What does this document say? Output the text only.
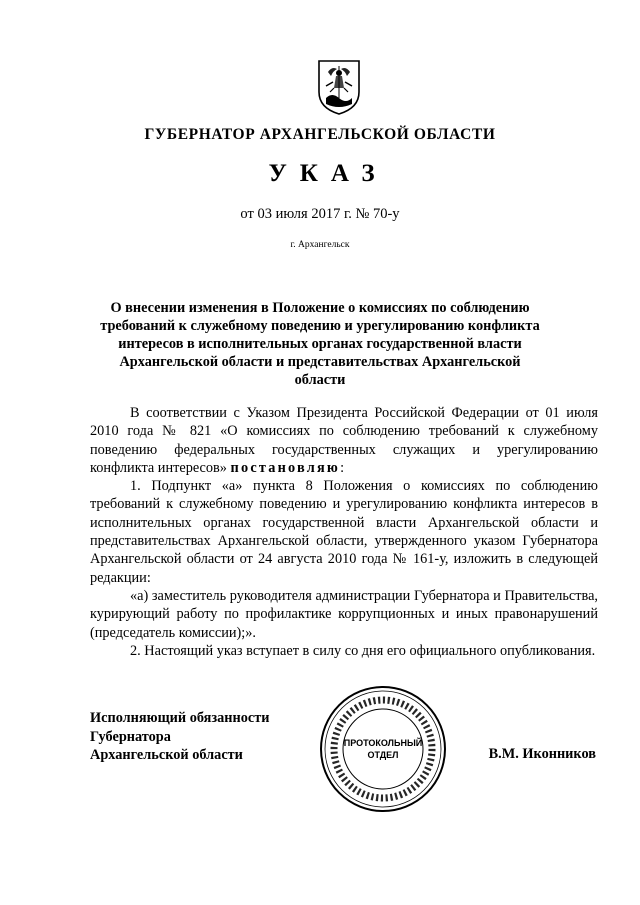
ГУБЕРНАТОР АРХАНГЕЛЬСКОЙ ОБЛАСТИ
УКАЗ
от 03 июля 2017 г. № 70-у
г. Архангельск
О внесении изменения в Положение о комиссиях по соблюдению
требований к служебному поведению и урегулированию конфликта
интересов в исполнительных органах государственной власти
Архангельской области и представительствах Архангельской области

В соответствии с Указом Президента Российской Федерации от 01 июля 2010 года № 821 «О комиссиях по соблюдению требований к служебному поведению федеральных государственных служащих и урегулированию конфликта интересов» постановляю:

1. Подпункт «а» пункта 8 Положения о комиссиях по соблюдению требований к служебному поведению и урегулированию конфликта интересов в исполнительных органах государственной власти Архангельской области и представительствах Архангельской области, утвержденного указом Губернатора Архангельской области от 24 августа 2010 года № 161-у, изложить в следующей редакции:

«а) заместитель руководителя администрации Губернатора и Правительства, курирующий работу по профилактике коррупционных и иных правонарушений (председатель комиссии);».

2. Настоящий указ вступает в силу со дня его официального опубликования.

Исполняющий обязанности
Губернатора
Архангельской области
ПРОТОКОЛЬНЫЙ
ОТДЕЛ	В.М. Иконников
